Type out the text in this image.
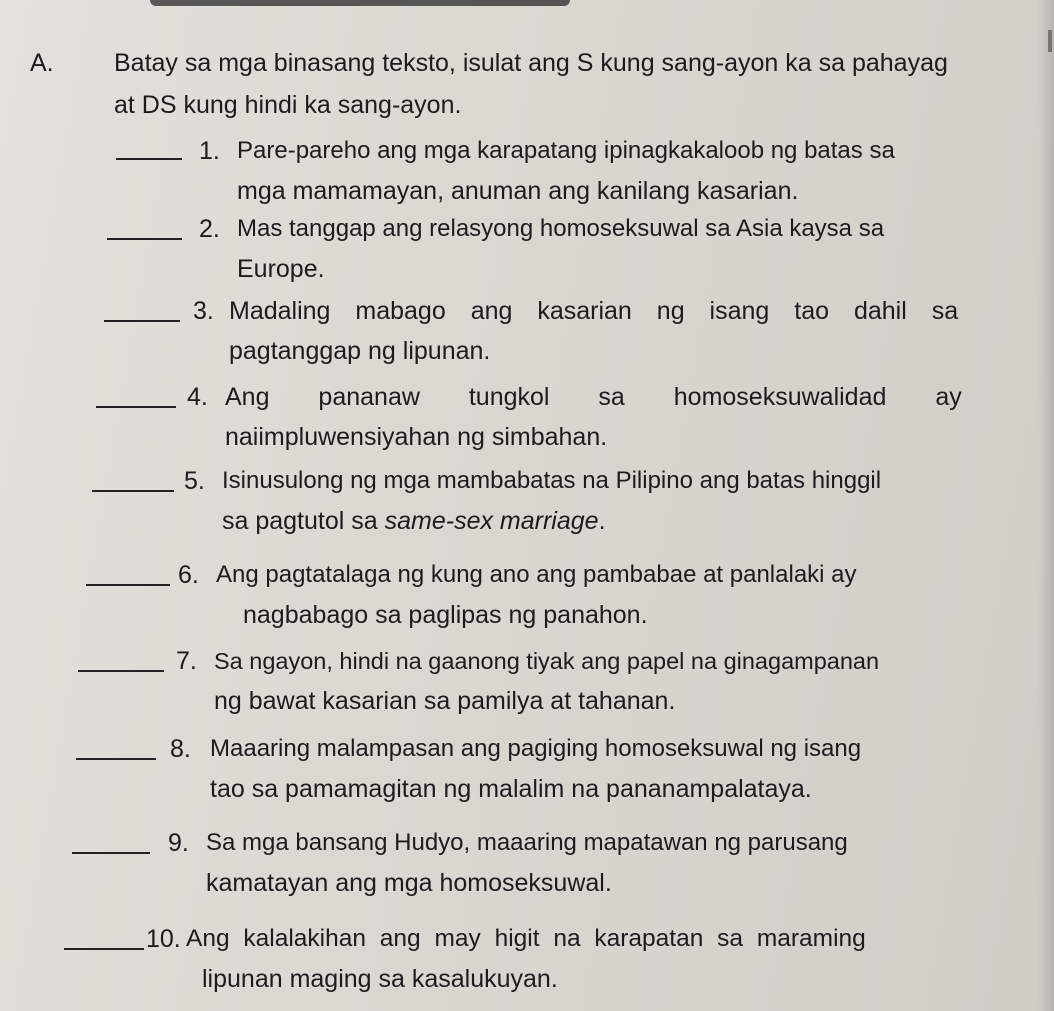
A. Batay sa mga binasang teksto, isulat ang S kung sang-ayon ka sa pahayag
at DS kung hindi ka sang-ayon.
1. Pare-pareho ang mga karapatang ipinagkakaloob ng batas sa
mga mamamayan, anuman ang kanilang kasarian.
2. Mas tanggap ang relasyong homoseksuwal sa Asia kaysa sa
Europe.
3. Madaling mabago ang kasarian ng isang tao dahil sa
pagtanggap ng lipunan.
4. Ang pananaw tungkol sa homoseksuwalidad ay
naiimpluwensiyahan ng simbahan.
5. Isinusulong ng mga mambabatas na Pilipino ang batas hinggil
sa pagtutol sa same-sex marriage.
6. Ang pagtatalaga ng kung ano ang pambabae at panlalaki ay
nagbabago sa paglipas ng panahon.
7. Sa ngayon, hindi na gaanong tiyak ang papel na ginagampanan
ng bawat kasarian sa pamilya at tahanan.
8. Maaaring malampasan ang pagiging homoseksuwal ng isang
tao sa pamamagitan ng malalim na pananampalataya.
9. Sa mga bansang Hudyo, maaaring mapatawan ng parusang
kamatayan ang mga homoseksuwal.
10. Ang kalalakihan ang may higit na karapatan sa maraming
lipunan maging sa kasalukuyan.
